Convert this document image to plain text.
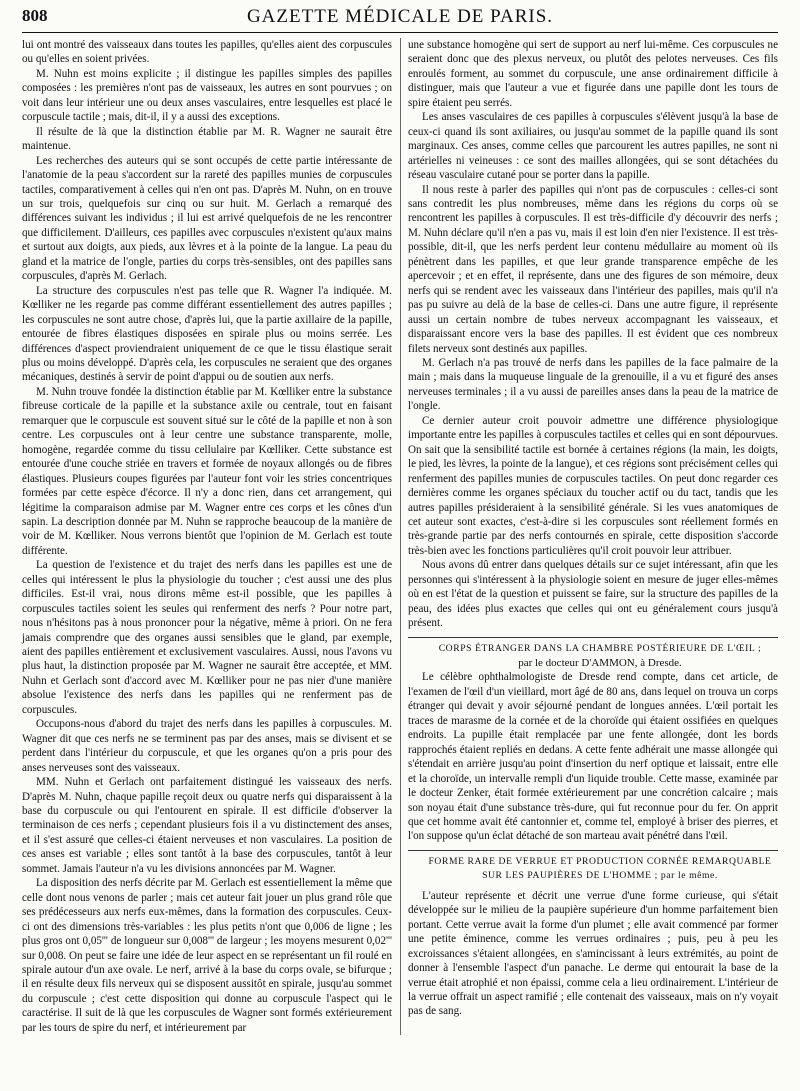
808	GAZETTE MÉDICALE DE PARIS.

lui ont montré des vaisseaux dans toutes les papilles, qu'elles aient des corpuscules ou qu'elles en soient privées.

M. Nuhn est moins explicite ; il distingue les papilles simples des papilles composées : les premières n'ont pas de vaisseaux, les autres en sont pourvues ; on voit dans leur intérieur une ou deux anses vasculaires, entre lesquelles est placé le corpuscule tactile ; mais, dit-il, il y a aussi des exceptions.

Il résulte de là que la distinction établie par M. R. Wagner ne saurait être maintenue.

Les recherches des auteurs qui se sont occupés de cette partie intéressante de l'anatomie de la peau s'accordent sur la rareté des papilles munies de corpuscules tactiles, comparativement à celles qui n'en ont pas. D'après M. Nuhn, on en trouve un sur trois, quelquefois sur cinq ou sur huit. M. Gerlach a remarqué des différences suivant les individus ; il lui est arrivé quelquefois de ne les rencontrer que difficilement. D'ailleurs, ces papilles avec corpuscules n'existent qu'aux mains et surtout aux doigts, aux pieds, aux lèvres et à la pointe de la langue. La peau du gland et la matrice de l'ongle, parties du corps très-sensibles, ont des papilles sans corpuscules, d'après M. Gerlach.

La structure des corpuscules n'est pas telle que R. Wagner l'a indiquée. M. Kœlliker ne les regarde pas comme différant essentiellement des autres papilles ; les corpuscules ne sont autre chose, d'après lui, que la partie axillaire de la papille, entourée de fibres élastiques disposées en spirale plus ou moins serrée. Les différences d'aspect proviendraient uniquement de ce que le tissu élastique serait plus ou moins développé. D'après cela, les corpuscules ne seraient que des organes mécaniques, destinés à servir de point d'appui ou de soutien aux nerfs.

M. Nuhn trouve fondée la distinction établie par M. Kœlliker entre la substance fibreuse corticale de la papille et la substance axile ou centrale, tout en faisant remarquer que le corpuscule est souvent situé sur le côté de la papille et non à son centre. Les corpuscules ont à leur centre une substance transparente, molle, homogène, regardée comme du tissu cellulaire par Kœlliker. Cette substance est entourée d'une couche striée en travers et formée de noyaux allongés ou de fibres élastiques. Plusieurs coupes figurées par l'auteur font voir les stries concentriques formées par cette espèce d'écorce. Il n'y a donc rien, dans cet arrangement, qui légitime la comparaison admise par M. Wagner entre ces corps et les cônes d'un sapin. La description donnée par M. Nuhn se rapproche beaucoup de la manière de voir de M. Kœlliker. Nous verrons bientôt que l'opinion de M. Gerlach est toute différente.

La question de l'existence et du trajet des nerfs dans les papilles est une de celles qui intéressent le plus la physiologie du toucher ; c'est aussi une des plus difficiles. Est-il vrai, nous dirons même est-il possible, que les papilles à corpuscules tactiles soient les seules qui renferment des nerfs ? Pour notre part, nous n'hésitons pas à nous prononcer pour la négative, même à priori. On ne fera jamais comprendre que des organes aussi sensibles que le gland, par exemple, aient des papilles entièrement et exclusivement vasculaires. Aussi, nous l'avons vu plus haut, la distinction proposée par M. Wagner ne saurait être acceptée, et MM. Nuhn et Gerlach sont d'accord avec M. Kœlliker pour ne pas nier d'une manière absolue l'existence des nerfs dans les papilles qui ne renferment pas de corpuscules.

Occupons-nous d'abord du trajet des nerfs dans les papilles à corpuscules. M. Wagner dit que ces nerfs ne se terminent pas par des anses, mais se divisent et se perdent dans l'intérieur du corpuscule, et que les organes qu'on a pris pour des anses nerveuses sont des vaisseaux.

MM. Nuhn et Gerlach ont parfaitement distingué les vaisseaux des nerfs. D'après M. Nuhn, chaque papille reçoit deux ou quatre nerfs qui disparaissent à la base du corpuscule ou qui l'entourent en spirale. Il est difficile d'observer la terminaison de ces nerfs ; cependant plusieurs fois il a vu distinctement des anses, et il s'est assuré que celles-ci étaient nerveuses et non vasculaires. La position de ces anses est variable ; elles sont tantôt à la base des corpuscules, tantôt à leur sommet. Jamais l'auteur n'a vu les divisions annoncées par M. Wagner.

La disposition des nerfs décrite par M. Gerlach est essentiellement la même que celle dont nous venons de parler ; mais cet auteur fait jouer un plus grand rôle que ses prédécesseurs aux nerfs eux-mêmes, dans la formation des corpuscules. Ceux-ci ont des dimensions très-variables : les plus petits n'ont que 0,006 de ligne ; les plus gros ont 0,05''' de longueur sur 0,008''' de largeur ; les moyens mesurent 0,02''' sur 0,008. On peut se faire une idée de leur aspect en se représentant un fil roulé en spirale autour d'un axe ovale. Le nerf, arrivé à la base du corps ovale, se bifurque ; il en résulte deux fils nerveux qui se disposent aussitôt en spirale, jusqu'au sommet du corpuscule ; c'est cette disposition qui donne au corpuscule l'aspect qui le caractérise. Il suit de là que les corpuscules de Wagner sont formés extérieurement par les tours de spire du nerf, et intérieurement par

une substance homogène qui sert de support au nerf lui-même. Ces corpuscules ne seraient donc que des plexus nerveux, ou plutôt des pelotes nerveuses. Ces fils enroulés forment, au sommet du corpuscule, une anse ordinairement difficile à distinguer, mais que l'auteur a vue et figurée dans une papille dont les tours de spire étaient peu serrés.

Les anses vasculaires de ces papilles à corpuscules s'élèvent jusqu'à la base de ceux-ci quand ils sont axiliaires, ou jusqu'au sommet de la papille quand ils sont marginaux. Ces anses, comme celles que parcourent les autres papilles, ne sont ni artérielles ni veineuses : ce sont des mailles allongées, qui se sont détachées du réseau vasculaire cutané pour se porter dans la papille.

Il nous reste à parler des papilles qui n'ont pas de corpuscules : celles-ci sont sans contredit les plus nombreuses, même dans les régions du corps où se rencontrent les papilles à corpuscules. Il est très-difficile d'y découvrir des nerfs ; M. Nuhn déclare qu'il n'en a pas vu, mais il est loin d'en nier l'existence. Il est très-possible, dit-il, que les nerfs perdent leur contenu médullaire au moment où ils pénètrent dans les papilles, et que leur grande transparence empêche de les apercevoir ; et en effet, il représente, dans une des figures de son mémoire, deux nerfs qui se rendent avec les vaisseaux dans l'intérieur des papilles, mais qu'il n'a pas pu suivre au delà de la base de celles-ci. Dans une autre figure, il représente aussi un certain nombre de tubes nerveux accompagnant les vaisseaux, et disparaissant encore vers la base des papilles. Il est évident que ces nombreux filets nerveux sont destinés aux papilles.

M. Gerlach n'a pas trouvé de nerfs dans les papilles de la face palmaire de la main ; mais dans la muqueuse linguale de la grenouille, il a vu et figuré des anses nerveuses terminales ; il a vu aussi de pareilles anses dans la peau de la matrice de l'ongle.

Ce dernier auteur croit pouvoir admettre une différence physiologique importante entre les papilles à corpuscules tactiles et celles qui en sont dépourvues. On sait que la sensibilité tactile est bornée à certaines régions (la main, les doigts, le pied, les lèvres, la pointe de la langue), et ces régions sont précisément celles qui renferment des papilles munies de corpuscules tactiles. On peut donc regarder ces dernières comme les organes spéciaux du toucher actif ou du tact, tandis que les autres papilles présideraient à la sensibilité générale. Si les vues anatomiques de cet auteur sont exactes, c'est-à-dire si les corpuscules sont réellement formés en très-grande partie par des nerfs contournés en spirale, cette disposition s'accorde très-bien avec les fonctions particulières qu'il croit pouvoir leur attribuer.

Nous avons dû entrer dans quelques détails sur ce sujet intéressant, afin que les personnes qui s'intéressent à la physiologie soient en mesure de juger elles-mêmes où en est l'état de la question et puissent se faire, sur la structure des papilles de la peau, des idées plus exactes que celles qui ont eu généralement cours jusqu'à présent.

CORPS ÉTRANGER DANS LA CHAMBRE POSTÉRIEURE DE L'ŒIL ;

par le docteur D'AMMON, à Dresde.

Le célèbre ophthalmologiste de Dresde rend compte, dans cet article, de l'examen de l'œil d'un vieillard, mort âgé de 80 ans, dans lequel on trouva un corps étranger qui devait y avoir séjourné pendant de longues années. L'œil portait les traces de marasme de la cornée et de la choroïde qui étaient ossifiées en quelques endroits. La pupille était remplacée par une fente allongée, dont les bords rapprochés étaient repliés en dedans. A cette fente adhérait une masse allongée qui s'étendait en arrière jusqu'au point d'insertion du nerf optique et laissait, entre elle et la choroïde, un intervalle rempli d'un liquide trouble. Cette masse, examinée par le docteur Zenker, était formée extérieurement par une concrétion calcaire ; mais son noyau était d'une substance très-dure, qui fut reconnue pour du fer. On apprit que cet homme avait été cantonnier et, comme tel, employé à briser des pierres, et l'on suppose qu'un éclat détaché de son marteau avait pénétré dans l'œil.

FORME RARE DE VERRUE ET PRODUCTION CORNÉE REMARQUABLE

SUR LES PAUPIÈRES DE L'HOMME ; par le même.

L'auteur représente et décrit une verrue d'une forme curieuse, qui s'était développée sur le milieu de la paupière supérieure d'un homme parfaitement bien portant. Cette verrue avait la forme d'un plumet ; elle avait commencé par former une petite éminence, comme les verrues ordinaires ; puis, peu à peu les excroissances s'étaient allongées, en s'amincissant à leurs extrémités, au point de donner à l'ensemble l'aspect d'un panache. Le derme qui entourait la base de la verrue était atrophié et non épaissi, comme cela a lieu ordinairement. L'intérieur de la verrue offrait un aspect ramifié ; elle contenait des vaisseaux, mais on n'y voyait pas de sang.
